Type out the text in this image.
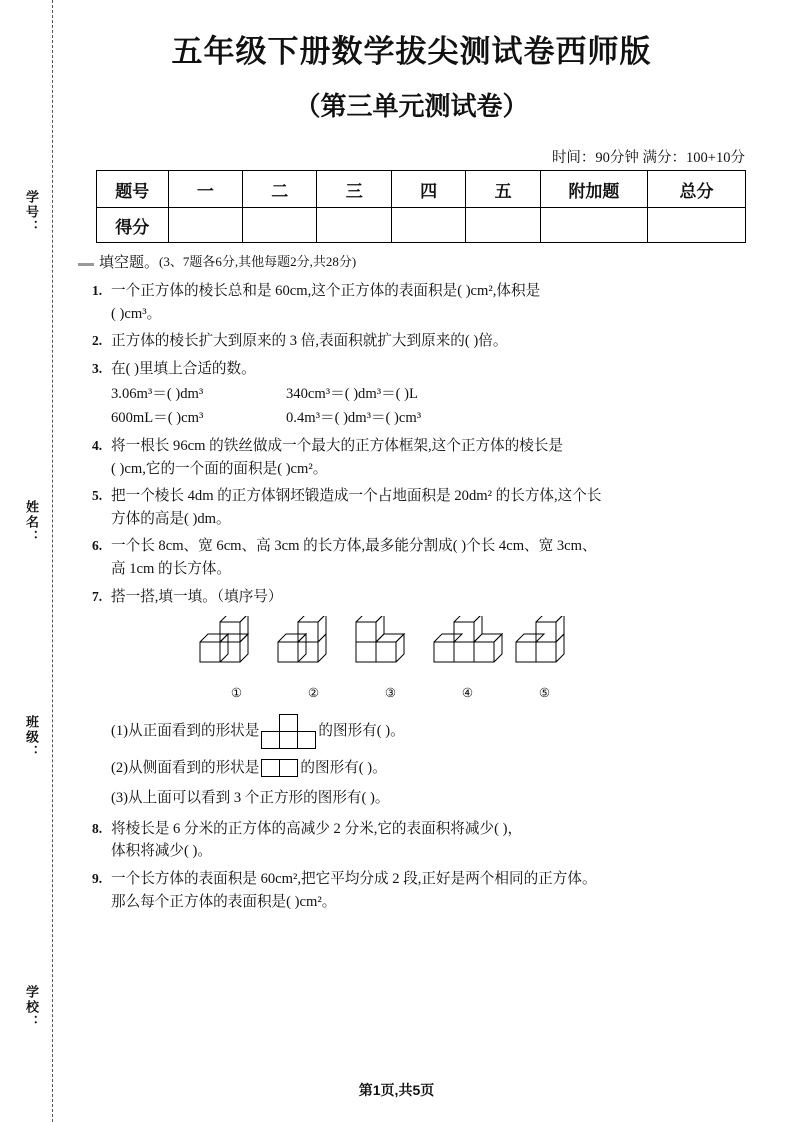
学号：
姓名：
班级：
学校：
五年级下册数学拔尖测试卷西师版
（第三单元测试卷）
时间：90分钟 满分：100+10分
题号	一	二	三	四	五	附加题	总分
得分							
填空题。 (3、7题各6分,其他每题2分,共28分)
1. 一个正方体的棱长总和是 60cm,这个正方体的表面积是( )cm²,体积是
( )cm³。
2. 正方体的棱长扩大到原来的 3 倍,表面积就扩大到原来的( )倍。
3. 在( )里填上合适的数。
3.06m³＝( )dm³	340cm³＝( )dm³＝( )L
600mL＝( )cm³	0.4m³＝( )dm³＝( )cm³
4. 将一根长 96cm 的铁丝做成一个最大的正方体框架,这个正方体的棱长是
( )cm,它的一个面的面积是( )cm²。
5. 把一个棱长 4dm 的正方体钢坯锻造成一个占地面积是 20dm² 的长方体,这个长
方体的高是( )dm。
6. 一个长 8cm、宽 6cm、高 3cm 的长方体,最多能分割成( )个长 4cm、宽 3cm、
高 1cm 的长方体。
7. 搭一搭,填一填。（填序号）
①	②	③	④	⑤
(1)从正面看到的形状是

			的图形有( )。
(2)从侧面看到的形状是
		的图形有( )。
(3)从上面可以看到 3 个正方形的图形有( )。
8. 将棱长是 6 分米的正方体的高减少 2 分米,它的表面积将减少( )，
体积将减少( )。
9. 一个长方体的表面积是 60cm²,把它平均分成 2 段,正好是两个相同的正方体。
那么每个正方体的表面积是( )cm²。
第1页,共5页
